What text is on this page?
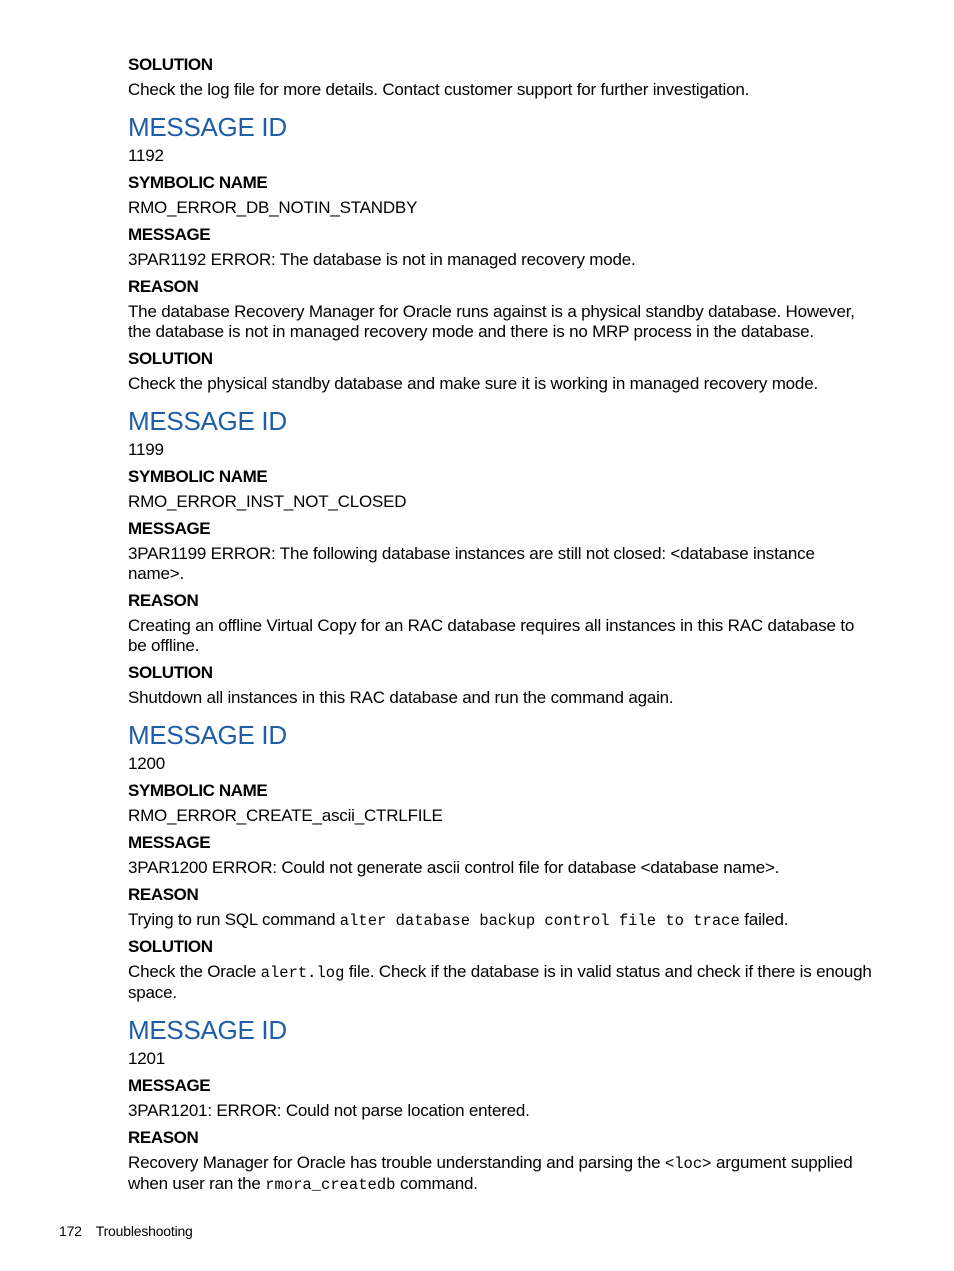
SOLUTION
Check the log file for more details. Contact customer support for further investigation.
MESSAGE ID
1192
SYMBOLIC NAME
RMO_ERROR_DB_NOTIN_STANDBY
MESSAGE
3PAR1192 ERROR: The database is not in managed recovery mode.
REASON
The database Recovery Manager for Oracle runs against is a physical standby database. However, the database is not in managed recovery mode and there is no MRP process in the database.
SOLUTION
Check the physical standby database and make sure it is working in managed recovery mode.
MESSAGE ID
1199
SYMBOLIC NAME
RMO_ERROR_INST_NOT_CLOSED
MESSAGE
3PAR1199 ERROR: The following database instances are still not closed: <database instance name>.
REASON
Creating an offline Virtual Copy for an RAC database requires all instances in this RAC database to be offline.
SOLUTION
Shutdown all instances in this RAC database and run the command again.
MESSAGE ID
1200
SYMBOLIC NAME
RMO_ERROR_CREATE_ascii_CTRLFILE
MESSAGE
3PAR1200 ERROR: Could not generate ascii control file for database <database name>.
REASON
Trying to run SQL command alter database backup control file to trace failed.
SOLUTION
Check the Oracle alert.log file. Check if the database is in valid status and check if there is enough space.
MESSAGE ID
1201
MESSAGE
3PAR1201: ERROR: Could not parse location entered.
REASON
Recovery Manager for Oracle has trouble understanding and parsing the <loc> argument supplied when user ran the rmora_createdb command.
172 Troubleshooting
